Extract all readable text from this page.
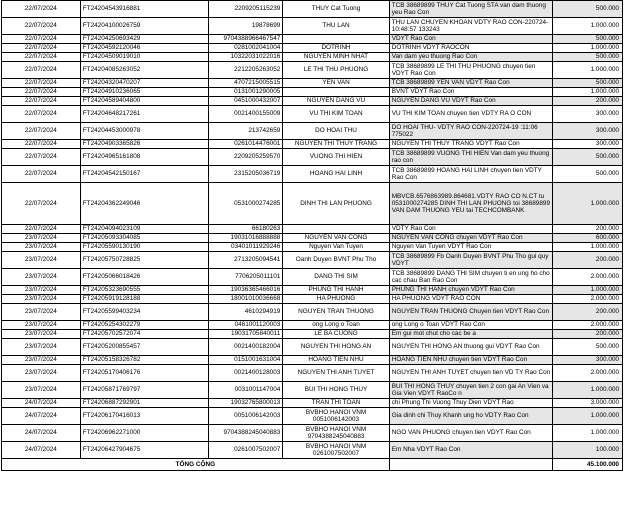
22/07/2024	FT24204543916881	2209205115239	THUY Cat Tuong	TCB 38689899 THUY Cat Tuong STA van dam thuong yeu Rao Con	500.000
22/07/2024	FT24204100026759	19878699	THU LAN	THU LAN CHUYEN KHOAN VDTY RAO CON-220724-10:48:57 133243	1.000.000
22/07/2024	FT24204250693429	9704388966467547		VDYT Rao Con	500.000
22/07/2024	FT24204592120046	0281002041004	DOTRINH	DOTRINH VDYT RAOCON	1.000.000
22/07/2024	FT24204509019010	10322031022016	NGUYEN MINH NHAT	Van dam yeu thuong Rao Con	500.000
22/07/2024	FT24204085263052	2212205263052	LE THI THU PHUONG	TCB 38689899 LE THI THU PHUONG chuyen tien VDYT Rao Con	1.000.000
22/07/2024	FT24204320470207	4707215005515	YEN VAN	TCB 38689899 YEN VAN VDYT Rao Con	500.000
22/07/2024	FT24204910236065	0131001290005		BVNT VDYT Rao Con	1.000.000
22/07/2024	FT24204589404800	0451000432007	NGUYEN DANG VU	NGUYEN DANG VU VDYT Rao Con	200.000
22/07/2024	FT24204648217261	0021400155009	VU THI KIM TOAN	VU THI KIM TOAN chuyen tien VDTY RA O CON	300.000
22/07/2024	FT24204453000978	213742659	DO HOAI THU	DO HOAI THU- VDTY RAO CON-220724-19 :11:06 775022	300.000
22/07/2024	FT24204903365826	0261014476001	NGUYEN THI THUY TRANG	NGUYEN THI THUY TRANG VDYT Rao Con	300.000
22/07/2024	FT24204965161808	2209205259570	VUONG THI HIEN	TCB 38689899 VUONG THI HIEN Van dam yeu thuong rao con	500.000
22/07/2024	FT24204542150167	2315205036719	HOANG HAI LINH	TCB 38689899 HOANG HAI LINH chuyen tien VDTY Rao Con	500.000
22/07/2024	FT24204362249046	0531000274285	DINH THI LAN PHUONG	MBVCB.6576863989.864681.VDTY RAO CO N.CT tu 0531000274285 DINH THI LAN PHUONG toi 38689899 VAN DAM THUONG YEU tai TECHCOMBANK	1.000.000
22/07/2024	FT24204094023109	66180263		VDTY Rao Con	200.000
23/07/2024	FT24205093304085	19031016888888	NGUYEN VAN CONG	NGUYEN VAN CONG chuyen VDYT Rao Con	600.000
23/07/2024	FT24205590130190	03401011929246	Nguyen Van Tuyen	Nguyen Van Tuyen VDYT Rao Con	1.000.000
23/07/2024	FT24205750728825	2713205094541	Oanh Duyen BVNT Phu Tho	TCB 38689899 Fb Oanh Duyen BVNT Phu Tho gui quy VDYT	200.000
23/07/2024	FT24205066018426	7706205011101	DANG THI SIM	TCB 38689899 DANG THI SIM chuyen ti en ung ho cho cac chau Ban Rao Con	2.000.000
23/07/2024	FT24205323690555	19036365466016	PHUNG THI HANH	PHUNG THI HANH chuyen VDYT Rao Con	1.000.000
23/07/2024	FT24205919128188	18001010036668	HA PHUONG	HA PHUONG VDYT RAO CON	2.000.000
23/07/2024	FT24205599403234	4610294919	NGUYEN TRAN THUONG	NGUYEN TRAN THUONG Chuyen tien VDYT Rao Con	200.000
23/07/2024	FT24205254302279	0461001120003	ong Long o Toan	ong Long o Toan VDYT Rao Con	2.000.000
23/07/2024	FT24205702572074	19031705840011	LE BA CUONG	Em gui mot chut cho cac be a	200.000
23/07/2024	FT24205200855457	0021400182004	NGUYEN THI HONG AN	NGUYEN THI HONG AN thuong gui VDYT Rao Con	500.000
23/07/2024	FT24205158326782	0151001631004	HOANG TIEN NHU	HOANG TIEN NHU chuyen tien VDYT Rao Con	300.000
23/07/2024	FT24205170406176	0021400128003	NGUYEN THI ANH TUYET	NGUYEN THI ANH TUYET chuyen tien VD TY Rao Con	2.000.000
23/07/2024	FT24205871769797	0031001147004	BUI THI HONG THUY	BUI THI HONG THUY chuyen tien 2 con gai An Vien va Gia Vien VDYT RaoCo n	1.000.000
24/07/2024	FT24206887292901	19032765800013	TRAN THI TOAN	chi Phung Thi Vuong Thuy Dien VDYT Rao	3.000.000
24/07/2024	FT24206170416013	0051006142003	BVBHO HANOI VNM 0051006142003	Gia dinh chi Thuy Khanh ung ho VDTY Rao Con	1.000.000
24/07/2024	FT24206962271000	9704388245040883	BVBHO HANOI VNM 9704388245040883	NGO VAN PHUONG chuyen tien VDYT Rao Con	1.000.000
24/07/2024	FT24206427904675	0261007502007	BVBHO HANOI VNM 0261007502007	Em Nha VDYT Rao Con	100.000
TỔNG CỘNG					45.100.000
